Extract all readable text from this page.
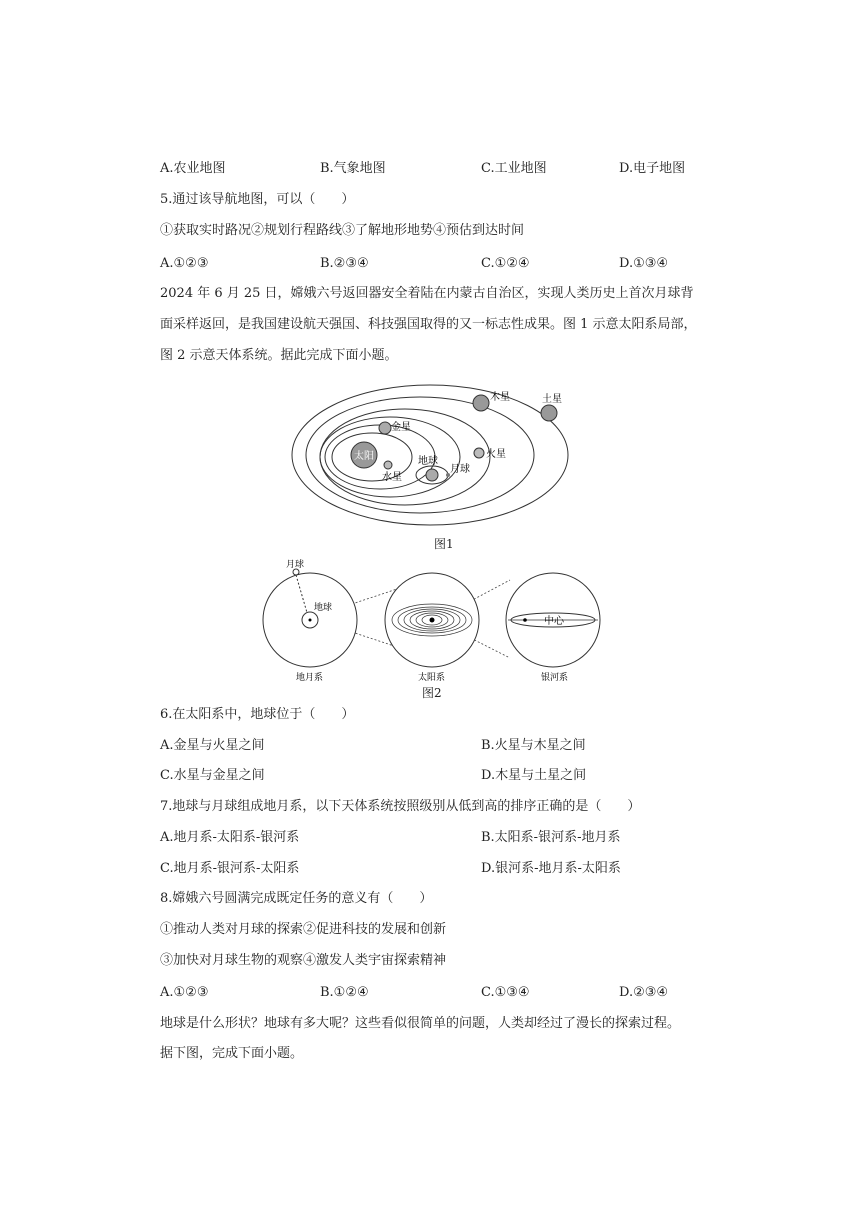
A.农业地图	B.气象地图	C.工业地图	D.电子地图
5.通过该导航地图，可以（　　）
①获取实时路况②规划行程路线③了解地形地势④预估到达时间
A.①②③	B.②③④	C.①②④	D.①③④
2024 年 6 月 25 日，嫦娥六号返回器安全着陆在内蒙古自治区，实现人类历史上首次月球背
面采样返回，是我国建设航天强国、科技强国取得的又一标志性成果。图 1 示意太阳系局部，
图 2 示意天体系统。据此完成下面小题。
太阳
金星
水星
地球
月球
火星
木星	土星
图1
月球
地球
中心
地月系	太阳系	银河系
图2
6.在太阳系中，地球位于（　　）
A.金星与火星之间	B.火星与木星之间
C.水星与金星之间	D.木星与土星之间
7.地球与月球组成地月系，以下天体系统按照级别从低到高的排序正确的是（　　）
A.地月系-太阳系-银河系	B.太阳系-银河系-地月系
C.地月系-银河系-太阳系	D.银河系-地月系-太阳系
8.嫦娥六号圆满完成既定任务的意义有（　　）
①推动人类对月球的探索②促进科技的发展和创新
③加快对月球生物的观察④激发人类宇宙探索精神
A.①②③	B.①②④	C.①③④	D.②③④
地球是什么形状？地球有多大呢？这些看似很简单的问题，人类却经过了漫长的探索过程。
据下图，完成下面小题。
